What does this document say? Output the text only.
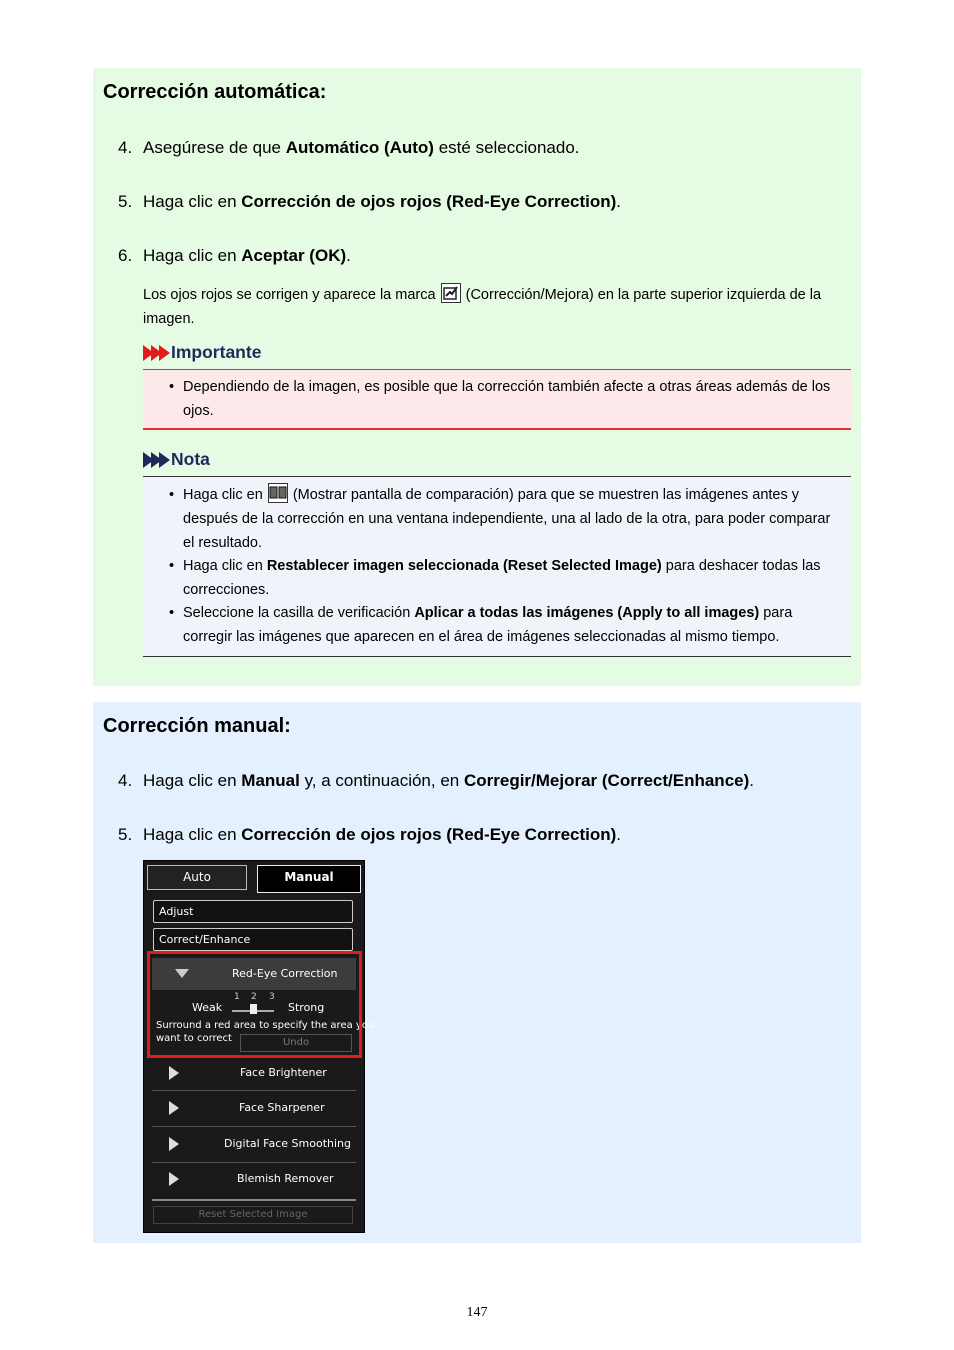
Corrección automática:
4. Asegúrese de que Automático (Auto) esté seleccionado.
5. Haga clic en Corrección de ojos rojos (Red-Eye Correction).
6. Haga clic en Aceptar (OK).
Los ojos rojos se corrigen y aparece la marca  (Corrección/Mejora) en la parte superior izquierda de la imagen.
Importante
• Dependiendo de la imagen, es posible que la corrección también afecte a otras áreas además de los ojos.
Nota
• Haga clic en  (Mostrar pantalla de comparación) para que se muestren las imágenes antes y después de la corrección en una ventana independiente, una al lado de la otra, para poder comparar el resultado.
• Haga clic en Restablecer imagen seleccionada (Reset Selected Image) para deshacer todas las correcciones.
• Seleccione la casilla de verificación Aplicar a todas las imágenes (Apply to all images) para corregir las imágenes que aparecen en el área de imágenes seleccionadas al mismo tiempo.
Corrección manual:
4. Haga clic en Manual y, a continuación, en Corregir/Mejorar (Correct/Enhance).
5. Haga clic en Corrección de ojos rojos (Red-Eye Correction).
Auto	Manual
Adjust
Correct/Enhance
Red-Eye Correction
Weak	Strong
1 2 3
Surround a red area to specify the area you
want to correct	Undo
Face Brightener
Face Sharpener
Digital Face Smoothing
Blemish Remover
Reset Selected Image
147
